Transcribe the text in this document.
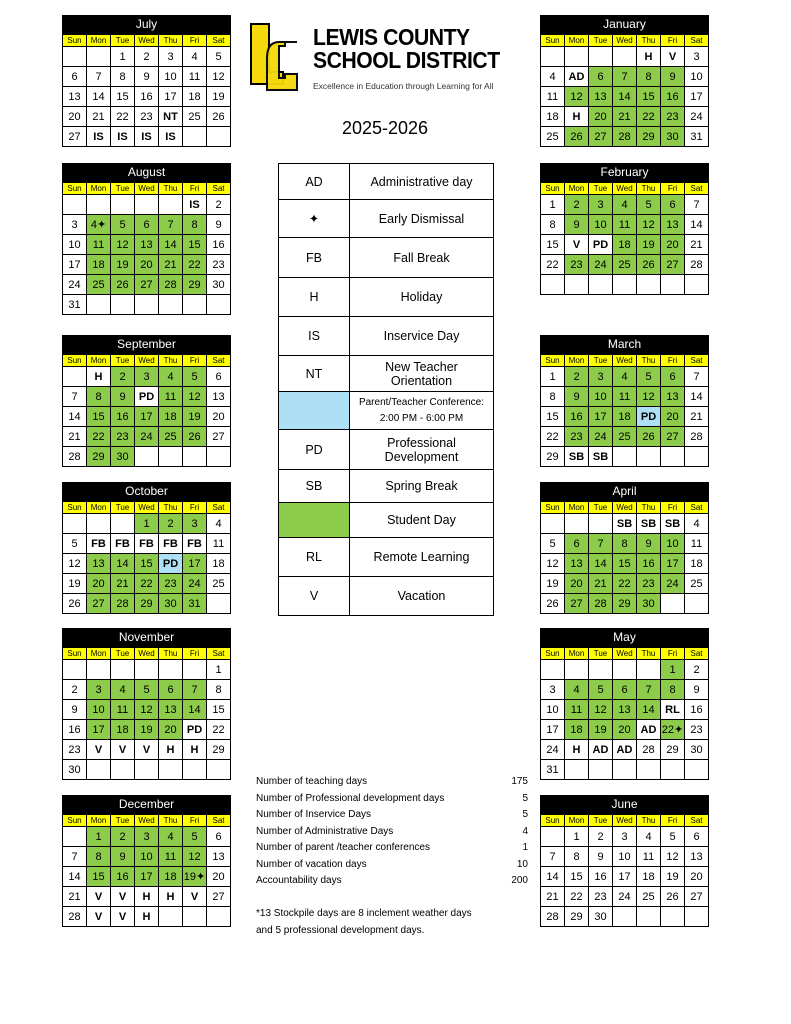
LEWIS COUNTY
SCHOOL DISTRICT
Excellence in Education through Learning for All
2025-2026
July
Sun	Mon	Tue	Wed	Thu	Fri	Sat
		1	2	3	4	5
6	7	8	9	10	11	12
13	14	15	16	17	18	19
20	21	22	23	NT	25	26
27	IS	IS	IS	IS		
August
Sun	Mon	Tue	Wed	Thu	Fri	Sat
					IS	2
3	4✦	5	6	7	8	9
10	11	12	13	14	15	16
17	18	19	20	21	22	23
24	25	26	27	28	29	30
31						
September
Sun	Mon	Tue	Wed	Thu	Fri	Sat
	H	2	3	4	5	6
7	8	9	PD	11	12	13
14	15	16	17	18	19	20
21	22	23	24	25	26	27
28	29	30				
October
Sun	Mon	Tue	Wed	Thu	Fri	Sat
			1	2	3	4
5	FB	FB	FB	FB	FB	11
12	13	14	15	PD	17	18
19	20	21	22	23	24	25
26	27	28	29	30	31	
November
Sun	Mon	Tue	Wed	Thu	Fri	Sat
						1
2	3	4	5	6	7	8
9	10	11	12	13	14	15
16	17	18	19	20	PD	22
23	V	V	V	H	H	29
30						
December
Sun	Mon	Tue	Wed	Thu	Fri	Sat
	1	2	3	4	5	6
7	8	9	10	11	12	13
14	15	16	17	18	19✦	20
21	V	V	H	H	V	27
28	V	V	H			
January
Sun	Mon	Tue	Wed	Thu	Fri	Sat
				H	V	3
4	AD	6	7	8	9	10
11	12	13	14	15	16	17
18	H	20	21	22	23	24
25	26	27	28	29	30	31
February
Sun	Mon	Tue	Wed	Thu	Fri	Sat
1	2	3	4	5	6	7
8	9	10	11	12	13	14
15	V	PD	18	19	20	21
22	23	24	25	26	27	28

March
Sun	Mon	Tue	Wed	Thu	Fri	Sat
1	2	3	4	5	6	7
8	9	10	11	12	13	14
15	16	17	18	PD	20	21
22	23	24	25	26	27	28
29	SB	SB				
April
Sun	Mon	Tue	Wed	Thu	Fri	Sat
			SB	SB	SB	4
5	6	7	8	9	10	11
12	13	14	15	16	17	18
19	20	21	22	23	24	25
26	27	28	29	30		
May
Sun	Mon	Tue	Wed	Thu	Fri	Sat
					1	2
3	4	5	6	7	8	9
10	11	12	13	14	RL	16
17	18	19	20	AD	22✦	23
24	H	AD	AD	28	29	30
31						
June
Sun	Mon	Tue	Wed	Thu	Fri	Sat
	1	2	3	4	5	6
7	8	9	10	11	12	13
14	15	16	17	18	19	20
21	22	23	24	25	26	27
28	29	30				
AD	Administrative day
✦	Early Dismissal
FB	Fall Break
H	Holiday
IS	Inservice Day
NT	New Teacher Orientation
	Parent/Teacher Conference: 2:00 PM - 6:00 PM
PD	Professional Development
SB	Spring Break
	Student Day
RL	Remote Learning
V	Vacation
Number of teaching days	175
Number of Professional development days	5
Number of Inservice Days	5
Number of Administrative Days	4
Number of parent /teacher conferences	1
Number of vacation days	10
Accountability days	200
*13 Stockpile days are 8 inclement weather days
and 5 professional development days.
